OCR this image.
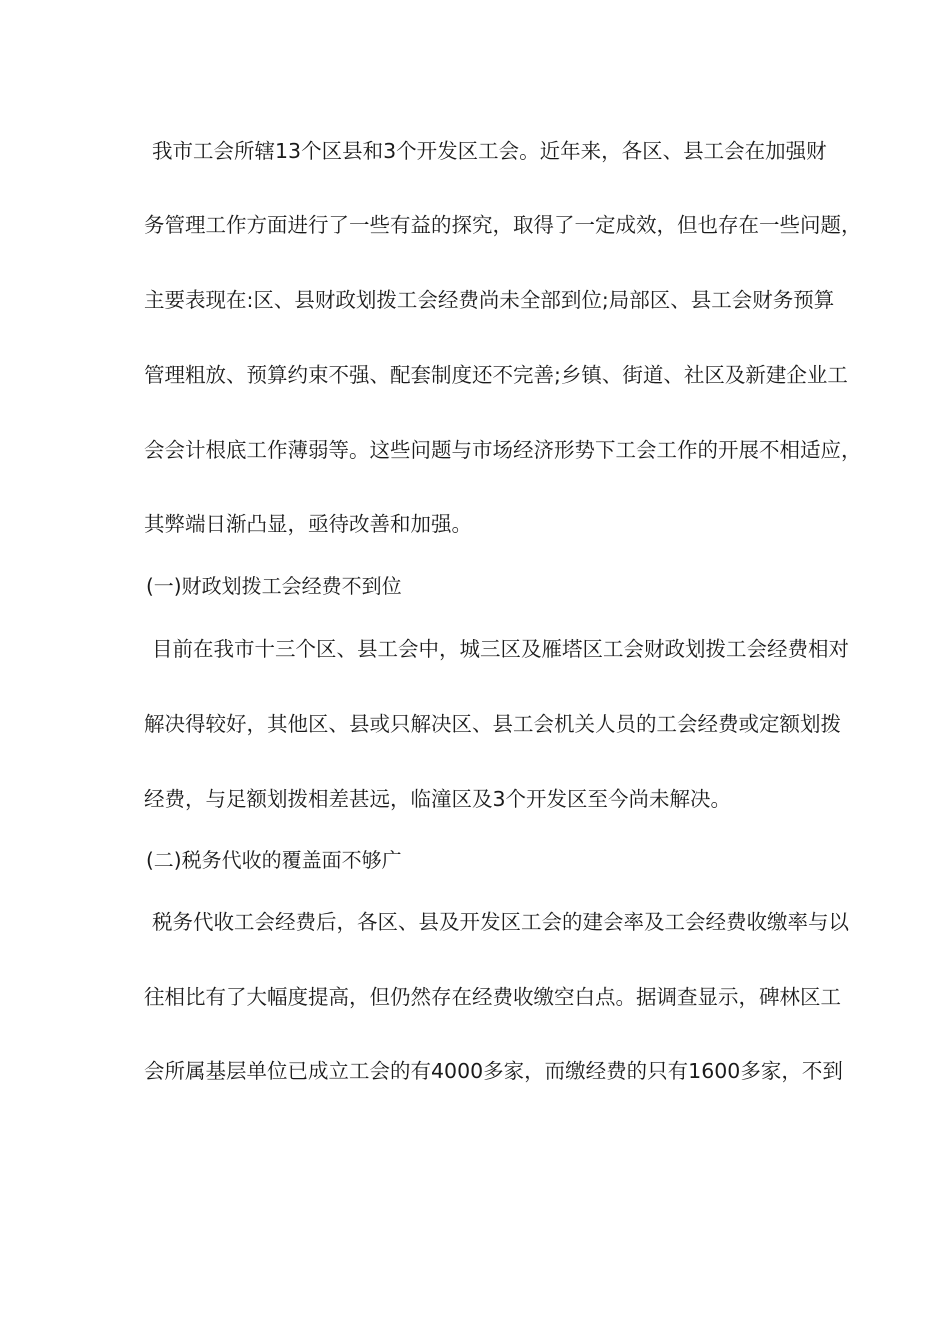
我市工会所辖13个区县和3个开发区工会。近年来，各区、县工会在加强财
务管理工作方面进行了一些有益的探究，取得了一定成效，但也存在一些问题，
主要表现在:区、县财政划拨工会经费尚未全部到位;局部区、县工会财务预算
管理粗放、预算约束不强、配套制度还不完善;乡镇、街道、社区及新建企业工
会会计根底工作薄弱等。这些问题与市场经济形势下工会工作的开展不相适应，
其弊端日渐凸显，亟待改善和加强。
(一)财政划拨工会经费不到位
目前在我市十三个区、县工会中，城三区及雁塔区工会财政划拨工会经费相对
解决得较好，其他区、县或只解决区、县工会机关人员的工会经费或定额划拨
经费，与足额划拨相差甚远，临潼区及3个开发区至今尚未解决。
(二)税务代收的覆盖面不够广
税务代收工会经费后，各区、县及开发区工会的建会率及工会经费收缴率与以
往相比有了大幅度提高，但仍然存在经费收缴空白点。据调查显示，碑林区工
会所属基层单位已成立工会的有4000多家，而缴经费的只有1600多家，不到
